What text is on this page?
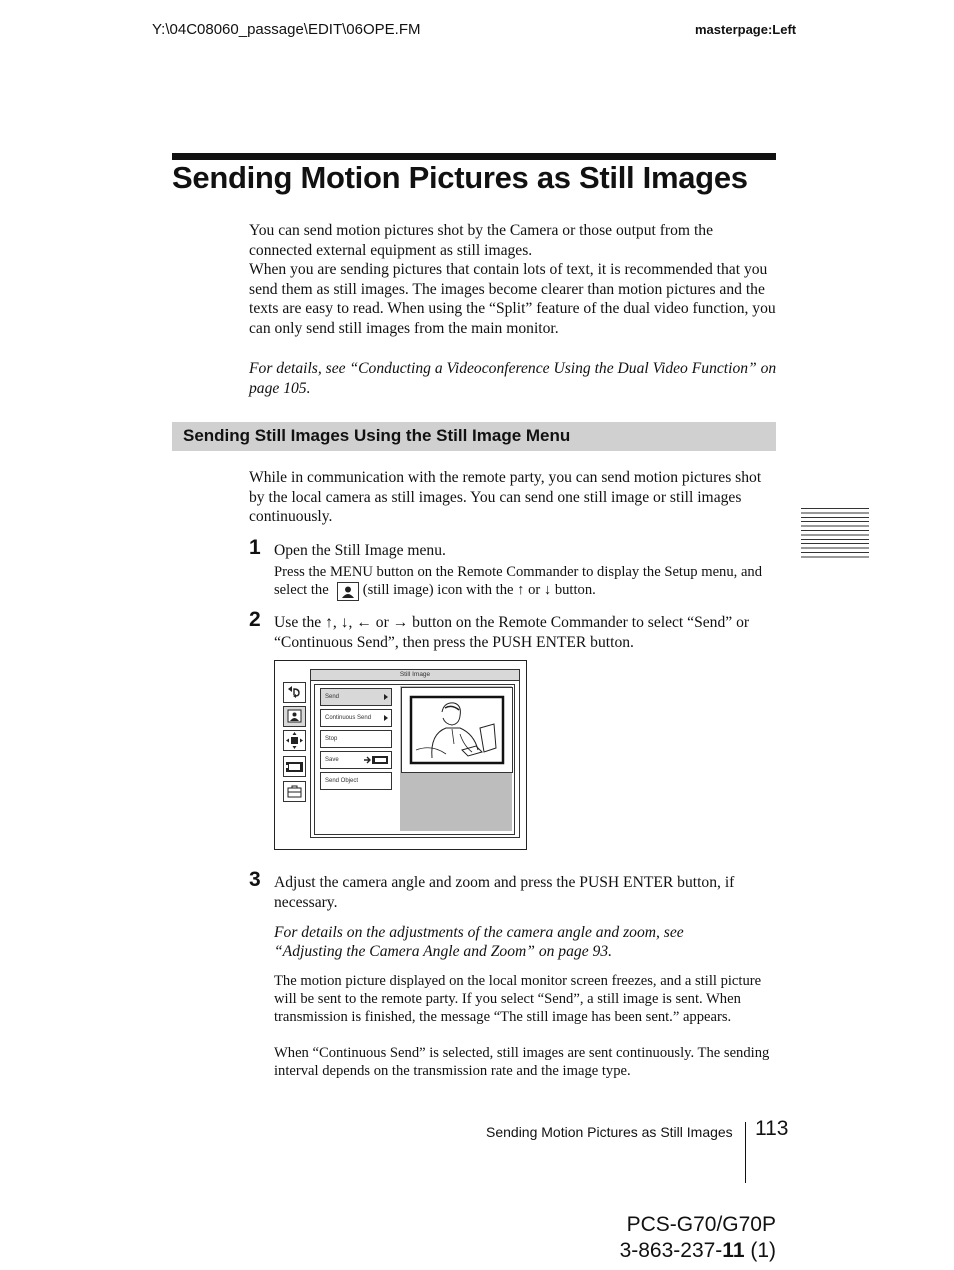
Y:\04C08060_passage\EDIT\06OPE.FM	masterpage:Left
Sending Motion Pictures as Still Images
You can send motion pictures shot by the Camera or those output from the connected external equipment as still images.
When you are sending pictures that contain lots of text, it is recommended that you send them as still images. The images become clearer than motion pictures and the texts are easy to read. When using the “Split” feature of the dual video function, you can only send still images from the main monitor.
For details, see “Conducting a Videoconference Using the Dual Video Function” on page 105.
Sending Still Images Using the Still Image Menu
While in communication with the remote party, you can send motion pictures shot by the local camera as still images. You can send one still image or still images continuously.
1 Open the Still Image menu.
Press the MENU button on the Remote Commander to display the Setup menu, and select the (still image) icon with the ↑ or ↓ button.
2 Use the ↑, ↓, ← or → button on the Remote Commander to select “Send” or “Continuous Send”, then press the PUSH ENTER button.
Still Image
Send
Continuous Send
Stop
Save
Send Object
3 Adjust the camera angle and zoom and press the PUSH ENTER button, if necessary.
For details on the adjustments of the camera angle and zoom, see “Adjusting the Camera Angle and Zoom” on page 93.
The motion picture displayed on the local monitor screen freezes, and a still picture will be sent to the remote party. If you select “Send”, a still image is sent. When transmission is finished, the message “The still image has been sent.” appears.
When “Continuous Send” is selected, still images are sent continuously. The sending interval depends on the transmission rate and the image type.
Sending Motion Pictures as Still Images 113
PCS-G70/G70P
3-863-237-11 (1)
